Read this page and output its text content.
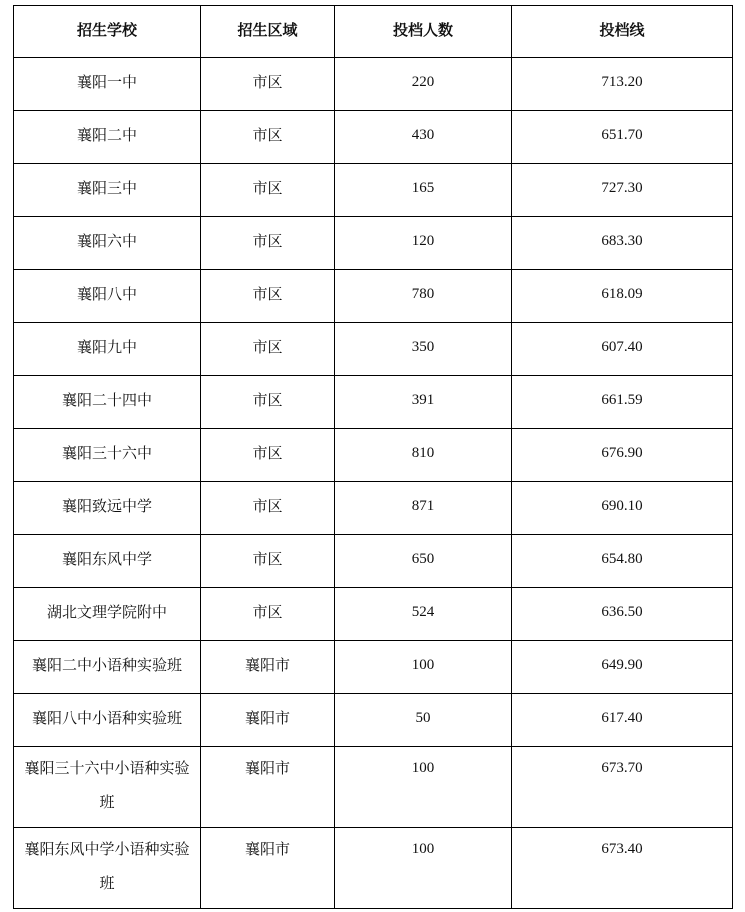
招生学校	招生区域	投档人数	投档线
襄阳一中	市区	220	713.20
襄阳二中	市区	430	651.70
襄阳三中	市区	165	727.30
襄阳六中	市区	120	683.30
襄阳八中	市区	780	618.09
襄阳九中	市区	350	607.40
襄阳二十四中	市区	391	661.59
襄阳三十六中	市区	810	676.90
襄阳致远中学	市区	871	690.10
襄阳东风中学	市区	650	654.80
湖北文理学院附中	市区	524	636.50
襄阳二中小语种实验班	襄阳市	100	649.90
襄阳八中小语种实验班	襄阳市	50	617.40
襄阳三十六中小语种实验班	襄阳市	100	673.70
襄阳东风中学小语种实验班	襄阳市	100	673.40
